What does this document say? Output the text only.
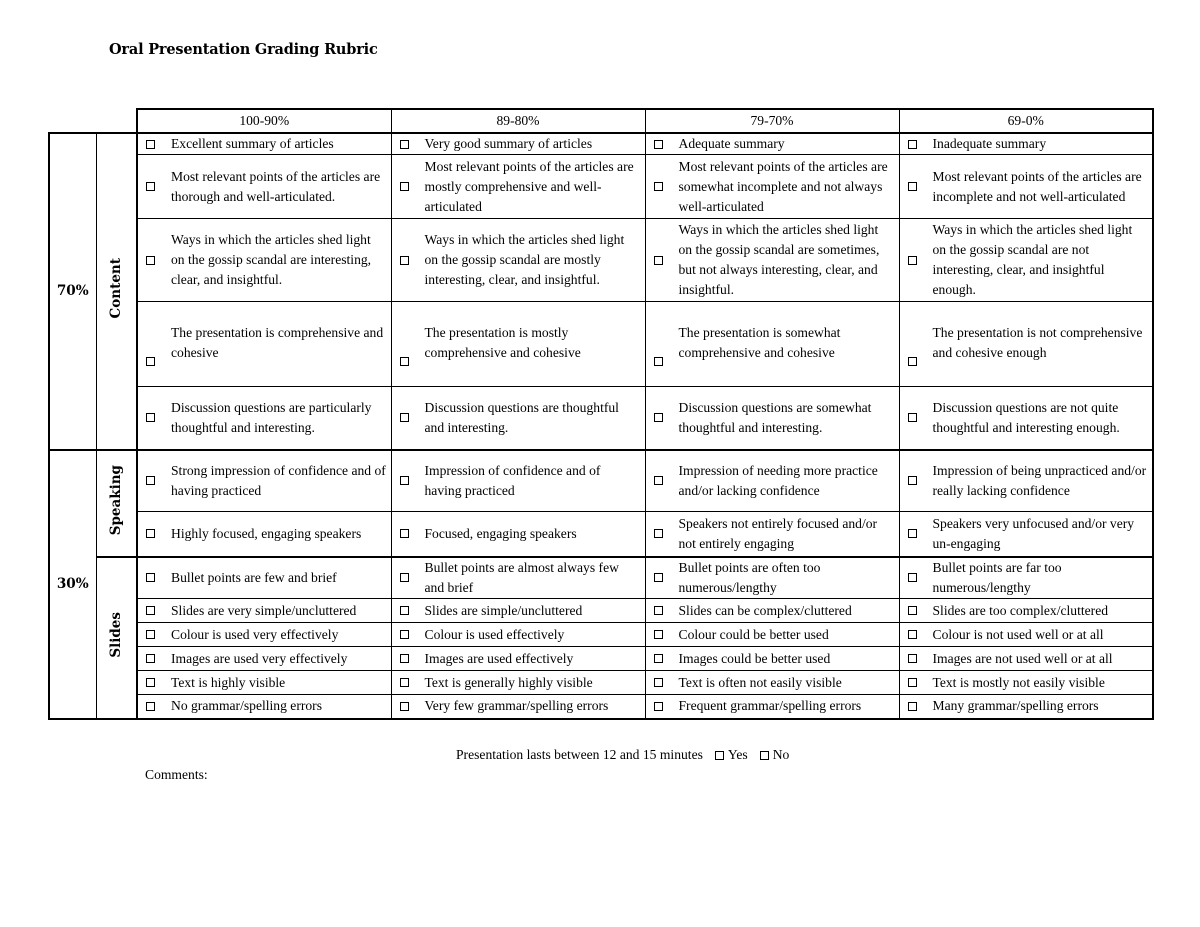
Oral Presentation Grading Rubric
		100-90%	89-80%	79-70%	69-0%
70%	Content	Excellent summary of articles	Very good summary of articles	Adequate summary	Inadequate summary

		Most relevant points of the articles are thorough and well-articulated.	Most relevant points of the articles are mostly comprehensive and well-articulated	Most relevant points of the articles are somewhat incomplete and not always well-articulated	Most relevant points of the articles are incomplete and not well-articulated

		Ways in which the articles shed light on the gossip scandal are interesting, clear, and insightful.	Ways in which the articles shed light on the gossip scandal are mostly interesting, clear, and insightful.	Ways in which the articles shed light on the gossip scandal are sometimes, but not always interesting, clear, and insightful.	Ways in which the articles shed light on the gossip scandal are not interesting, clear, and insightful enough.

		The presentation is comprehensive and cohesive	The presentation is mostly comprehensive and cohesive	The presentation is somewhat comprehensive and cohesive	The presentation is not comprehensive and cohesive enough

		Discussion questions are particularly thoughtful and interesting.	Discussion questions are thoughtful and interesting.	Discussion questions are somewhat thoughtful and interesting.	Discussion questions are not quite thoughtful and interesting enough.

30%	Speaking	Strong impression of confidence and of having practiced	Impression of confidence and of having practiced	Impression of needing more practice and/or lacking confidence	Impression of being unpracticed and/or really lacking confidence

		Highly focused, engaging speakers	Focused, engaging speakers	Speakers not entirely focused and/or not entirely engaging	Speakers very unfocused and/or very un-engaging

	Slides	Bullet points are few and brief	Bullet points are almost always few and brief	Bullet points are often too numerous/lengthy	Bullet points are far too numerous/lengthy

		Slides are very simple/uncluttered	Slides are simple/uncluttered	Slides can be complex/cluttered	Slides are too complex/cluttered

		Colour is used very effectively	Colour is used effectively	Colour could be better used	Colour is not used well or at all

		Images are used very effectively	Images are used effectively	Images could be better used	Images are not used well or at all

		Text is highly visible	Text is generally highly visible	Text is often not easily visible	Text is mostly not easily visible

		No grammar/spelling errors	Very few grammar/spelling errors	Frequent grammar/spelling errors	Many grammar/spelling errors
Presentation lasts between 12 and 15 minutes Yes No
Comments:
